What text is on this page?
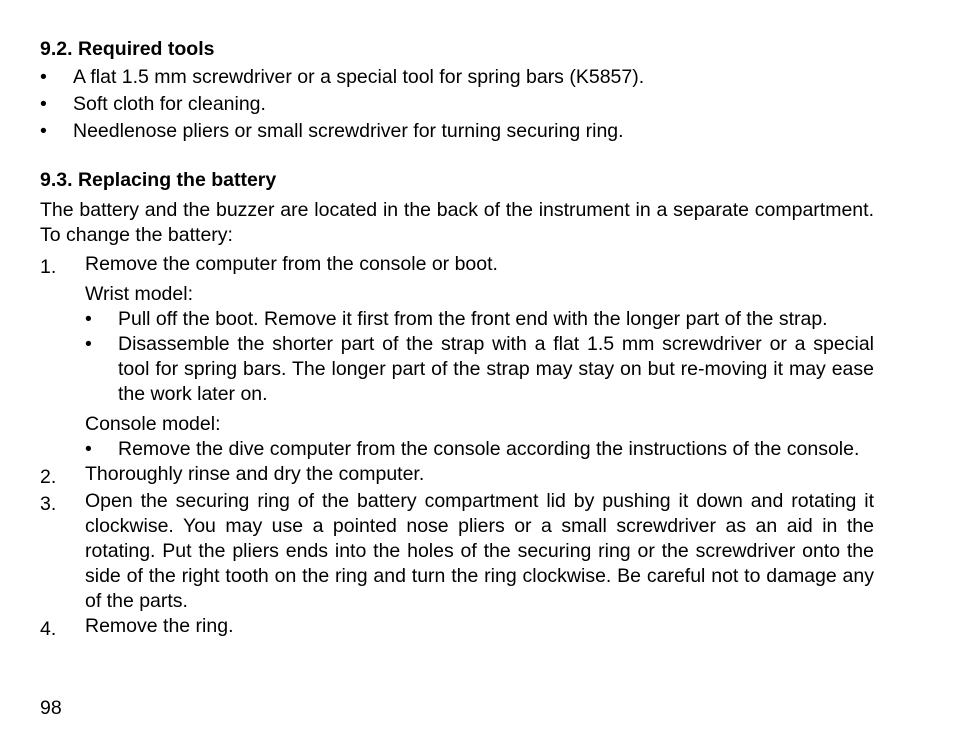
9.2. Required tools
• A flat 1.5 mm screwdriver or a special tool for spring bars (K5857).
• Soft cloth for cleaning.
• Needlenose pliers or small screwdriver for turning securing ring.
9.3. Replacing the battery

The battery and the buzzer are located in the back of the instrument in a separate compartment. To change the battery:

1. Remove the computer from the console or boot.
Wrist model:
• Pull off the boot. Remove it first from the front end with the longer part of the strap.
• Disassemble the shorter part of the strap with a flat 1.5 mm screwdriver or a special tool for spring bars. The longer part of the strap may stay on but re-moving it may ease the work later on.
Console model:
• Remove the dive computer from the console according the instructions of the console.
2. Thoroughly rinse and dry the computer.
3. Open the securing ring of the battery compartment lid by pushing it down and rotating it clockwise. You may use a pointed nose pliers or a small screwdriver as an aid in the rotating. Put the pliers ends into the holes of the securing ring or the screwdriver onto the side of the right tooth on the ring and turn the ring clockwise. Be careful not to damage any of the parts.
4. Remove the ring.
98
